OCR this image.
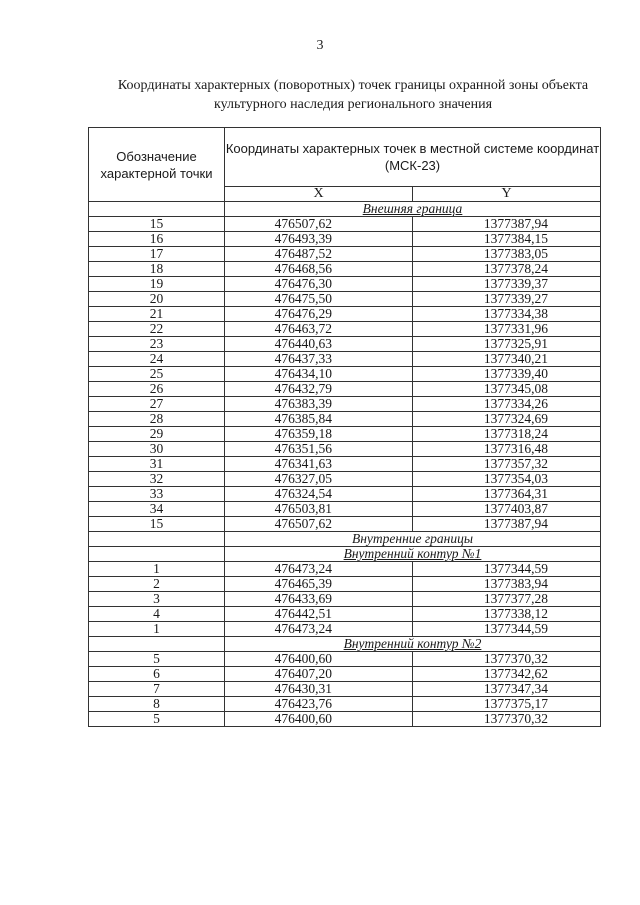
3
Координаты характерных (поворотных) точек границы охранной зоны объекта культурного наследия регионального значения
Обозначение характерной точки	Координаты характерных точек в местной системе координат (МСК-23)	
	X	Y
	Внешняя граница	
15	476507,62	1377387,94
16	476493,39	1377384,15
17	476487,52	1377383,05
18	476468,56	1377378,24
19	476476,30	1377339,37
20	476475,50	1377339,27
21	476476,29	1377334,38
22	476463,72	1377331,96
23	476440,63	1377325,91
24	476437,33	1377340,21
25	476434,10	1377339,40
26	476432,79	1377345,08
27	476383,39	1377334,26
28	476385,84	1377324,69
29	476359,18	1377318,24
30	476351,56	1377316,48
31	476341,63	1377357,32
32	476327,05	1377354,03
33	476324,54	1377364,31
34	476503,81	1377403,87
15	476507,62	1377387,94
	Внутренние границы	
	Внутренний контур №1	
1	476473,24	1377344,59
2	476465,39	1377383,94
3	476433,69	1377377,28
4	476442,51	1377338,12
1	476473,24	1377344,59
	Внутренний контур №2	
5	476400,60	1377370,32
6	476407,20	1377342,62
7	476430,31	1377347,34
8	476423,76	1377375,17
5	476400,60	1377370,32
